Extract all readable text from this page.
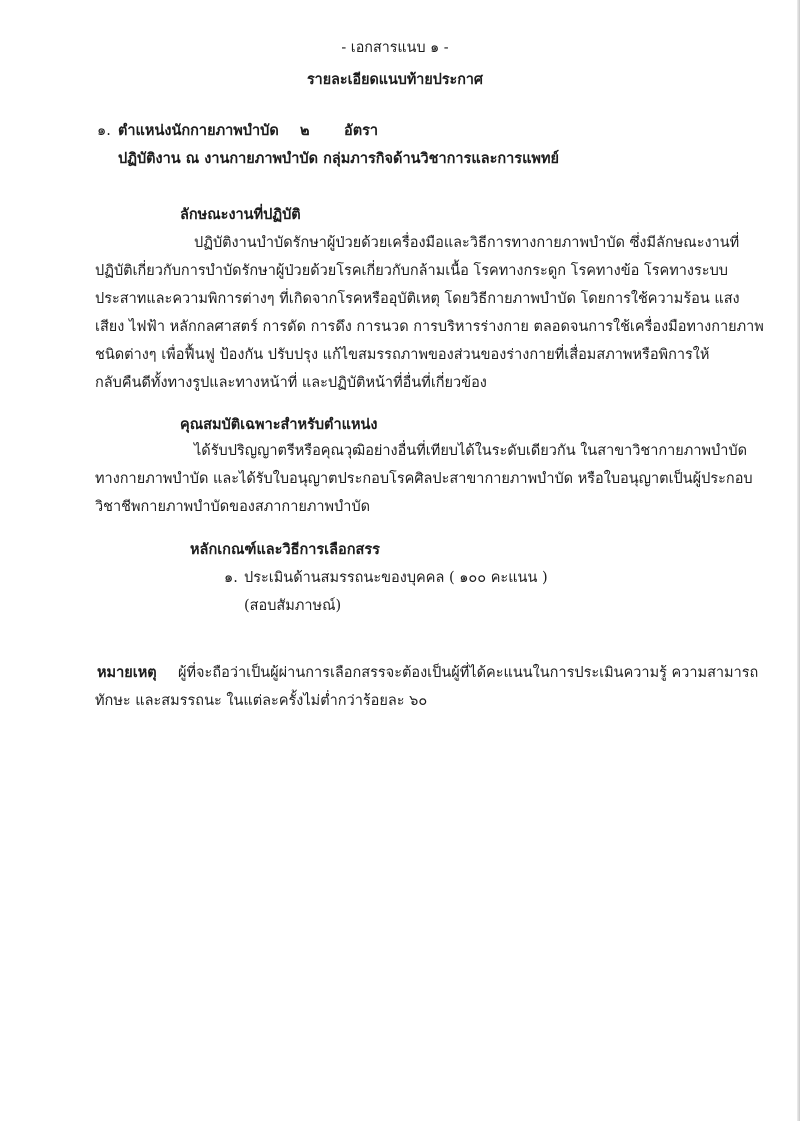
- เอกสารแนบ ๑ -
รายละเอียดแนบท้ายประกาศ
๑. ตำแหน่งนักกายภาพบำบัด ๒ อัตรา
ปฏิบัติงาน ณ งานกายภาพบำบัด กลุ่มภารกิจด้านวิชาการและการแพทย์
ลักษณะงานที่ปฏิบัติ
ปฏิบัติงานบำบัดรักษาผู้ป่วยด้วยเครื่องมือและวิธีการทางกายภาพบำบัด ซึ่งมีลักษณะงานที่
ปฏิบัติเกี่ยวกับการบำบัดรักษาผู้ป่วยด้วยโรคเกี่ยวกับกล้ามเนื้อ โรคทางกระดูก โรคทางข้อ โรคทางระบบ
ประสาทและความพิการต่างๆ ที่เกิดจากโรคหรืออุบัติเหตุ โดยวิธีกายภาพบำบัด โดยการใช้ความร้อน แสง
เสียง ไฟฟ้า หลักกลศาสตร์ การดัด การดึง การนวด การบริหารร่างกาย ตลอดจนการใช้เครื่องมือทางกายภาพ
ชนิดต่างๆ เพื่อฟื้นฟู ป้องกัน ปรับปรุง แก้ไขสมรรถภาพของส่วนของร่างกายที่เสื่อมสภาพหรือพิการให้
กลับคืนดีทั้งทางรูปและทางหน้าที่ และปฏิบัติหน้าที่อื่นที่เกี่ยวข้อง
คุณสมบัติเฉพาะสำหรับตำแหน่ง
ได้รับปริญญาตรีหรือคุณวุฒิอย่างอื่นที่เทียบได้ในระดับเดียวกัน ในสาขาวิชากายภาพบำบัด
ทางกายภาพบำบัด และได้รับใบอนุญาตประกอบโรคศิลปะสาขากายภาพบำบัด หรือใบอนุญาตเป็นผู้ประกอบ
วิชาชีพกายภาพบำบัดของสภากายภาพบำบัด
หลักเกณฑ์และวิธีการเลือกสรร
๑. ประเมินด้านสมรรถนะของบุคคล ( ๑๐๐ คะแนน )
(สอบสัมภาษณ์)
หมายเหตุ ผู้ที่จะถือว่าเป็นผู้ผ่านการเลือกสรรจะต้องเป็นผู้ที่ได้คะแนนในการประเมินความรู้ ความสามารถ
ทักษะ และสมรรถนะ ในแต่ละครั้งไม่ต่ำกว่าร้อยละ ๖๐
